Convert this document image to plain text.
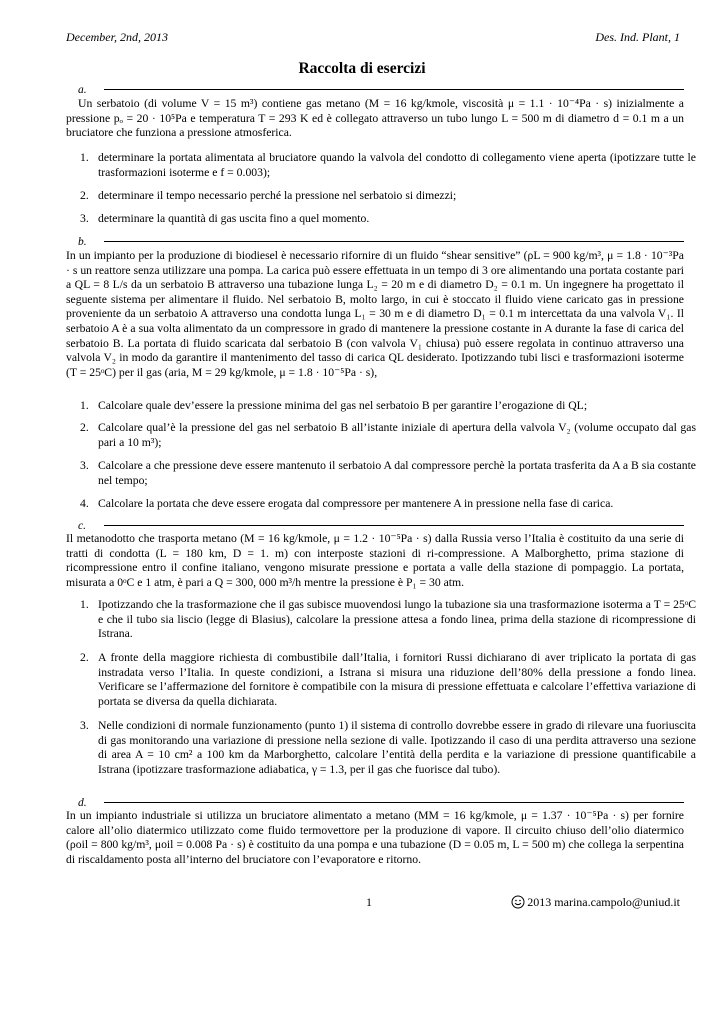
December, 2nd, 2013	Des. Ind. Plant, 1
Raccolta di esercizi
a.
Un serbatoio (di volume V = 15 m³) contiene gas metano (M = 16 kg/kmole, viscosità μ = 1.1 · 10⁻⁴Pa · s) inizialmente a pressione pₒ = 20 · 10⁵Pa e temperatura T = 293 K ed è collegato attraverso un tubo lungo L = 500 m di diametro d = 0.1 m a un bruciatore che funziona a pressione atmosferica.
1. determinare la portata alimentata al bruciatore quando la valvola del condotto di collegamento viene aperta (ipotizzare tutte le trasformazioni isoterme e f = 0.003);
2. determinare il tempo necessario perché la pressione nel serbatoio si dimezzi;
3. determinare la quantità di gas uscita fino a quel momento.
b.
In un impianto per la produzione di biodiesel è necessario rifornire di un fluido “shear sensitive” (ρL = 900 kg/m³, μ = 1.8 · 10⁻³Pa · s un reattore senza utilizzare una pompa. La carica può essere effettuata in un tempo di 3 ore alimentando una portata costante pari a QL = 8 L/s da un serbatoio B attraverso una tubazione lunga L₂ = 20 m e di diametro D₂ = 0.1 m. Un ingegnere ha progettato il seguente sistema per alimentare il fluido. Nel serbatoio B, molto largo, in cui è stoccato il fluido viene caricato gas in pressione proveniente da un serbatoio A attraverso una condotta lunga L₁ = 30 m e di diametro D₁ = 0.1 m intercettata da una valvola V₁. Il serbatoio A è a sua volta alimentato da un compressore in grado di mantenere la pressione costante in A durante la fase di carica del serbatoio B. La portata di fluido scaricata dal serbatoio B (con valvola V₁ chiusa) può essere regolata in continuo attraverso una valvola V₂ in modo da garantire il mantenimento del tasso di carica QL desiderato. Ipotizzando tubi lisci e trasformazioni isoterme (T = 25ᵒC) per il gas (aria, M = 29 kg/kmole, μ = 1.8 · 10⁻⁵Pa · s),
1. Calcolare quale dev’essere la pressione minima del gas nel serbatoio B per garantire l’erogazione di QL;
2. Calcolare qual’è la pressione del gas nel serbatoio B all’istante iniziale di apertura della valvola V₂ (volume occupato dal gas pari a 10 m³);
3. Calcolare a che pressione deve essere mantenuto il serbatoio A dal compressore perchè la portata trasferita da A a B sia costante nel tempo;
4. Calcolare la portata che deve essere erogata dal compressore per mantenere A in pressione nella fase di carica.
c.
Il metanodotto che trasporta metano (M = 16 kg/kmole, μ = 1.2 · 10⁻⁵Pa · s) dalla Russia verso l’Italia è costituito da una serie di tratti di condotta (L = 180 km, D = 1. m) con interposte stazioni di ri-compressione. A Malborghetto, prima stazione di ricompressione entro il confine italiano, vengono misurate pressione e portata a valle della stazione di pompaggio. La portata, misurata a 0ᵒC e 1 atm, è pari a Q = 300, 000 m³/h mentre la pressione è P₁ = 30 atm.
1. Ipotizzando che la trasformazione che il gas subisce muovendosi lungo la tubazione sia una trasformazione isoterma a T = 25ᵒC e che il tubo sia liscio (legge di Blasius), calcolare la pressione attesa a fondo linea, prima della stazione di ricompressione di Istrana.
2. A fronte della maggiore richiesta di combustibile dall’Italia, i fornitori Russi dichiarano di aver triplicato la portata di gas instradata verso l’Italia. In queste condizioni, a Istrana si misura una riduzione dell’80% della pressione a fondo linea. Verificare se l’affermazione del fornitore è compatibile con la misura di pressione effettuata e calcolare l’effettiva variazione di portata se diversa da quella dichiarata.
3. Nelle condizioni di normale funzionamento (punto 1) il sistema di controllo dovrebbe essere in grado di rilevare una fuoriuscita di gas monitorando una variazione di pressione nella sezione di valle. Ipotizzando il caso di una perdita attraverso una sezione di area A = 10 cm² a 100 km da Marborghetto, calcolare l’entità della perdita e la variazione di pressione quantificabile a Istrana (ipotizzare trasformazione adiabatica, γ = 1.3, per il gas che fuorisce dal tubo).
d.
In un impianto industriale si utilizza un bruciatore alimentato a metano (MM = 16 kg/kmole, μ = 1.37 · 10⁻⁵Pa · s) per fornire calore all’olio diatermico utilizzato come fluido termovettore per la produzione di vapore. Il circuito chiuso dell’olio diatermico (ρoil = 800 kg/m³, μoil = 0.008 Pa · s) è costituito da una pompa e una tubazione (D = 0.05 m, L = 500 m) che collega la serpentina di riscaldamento posta all’interno del bruciatore con l’evaporatore e ritorno.
1	2013 marina.campolo@uniud.it
